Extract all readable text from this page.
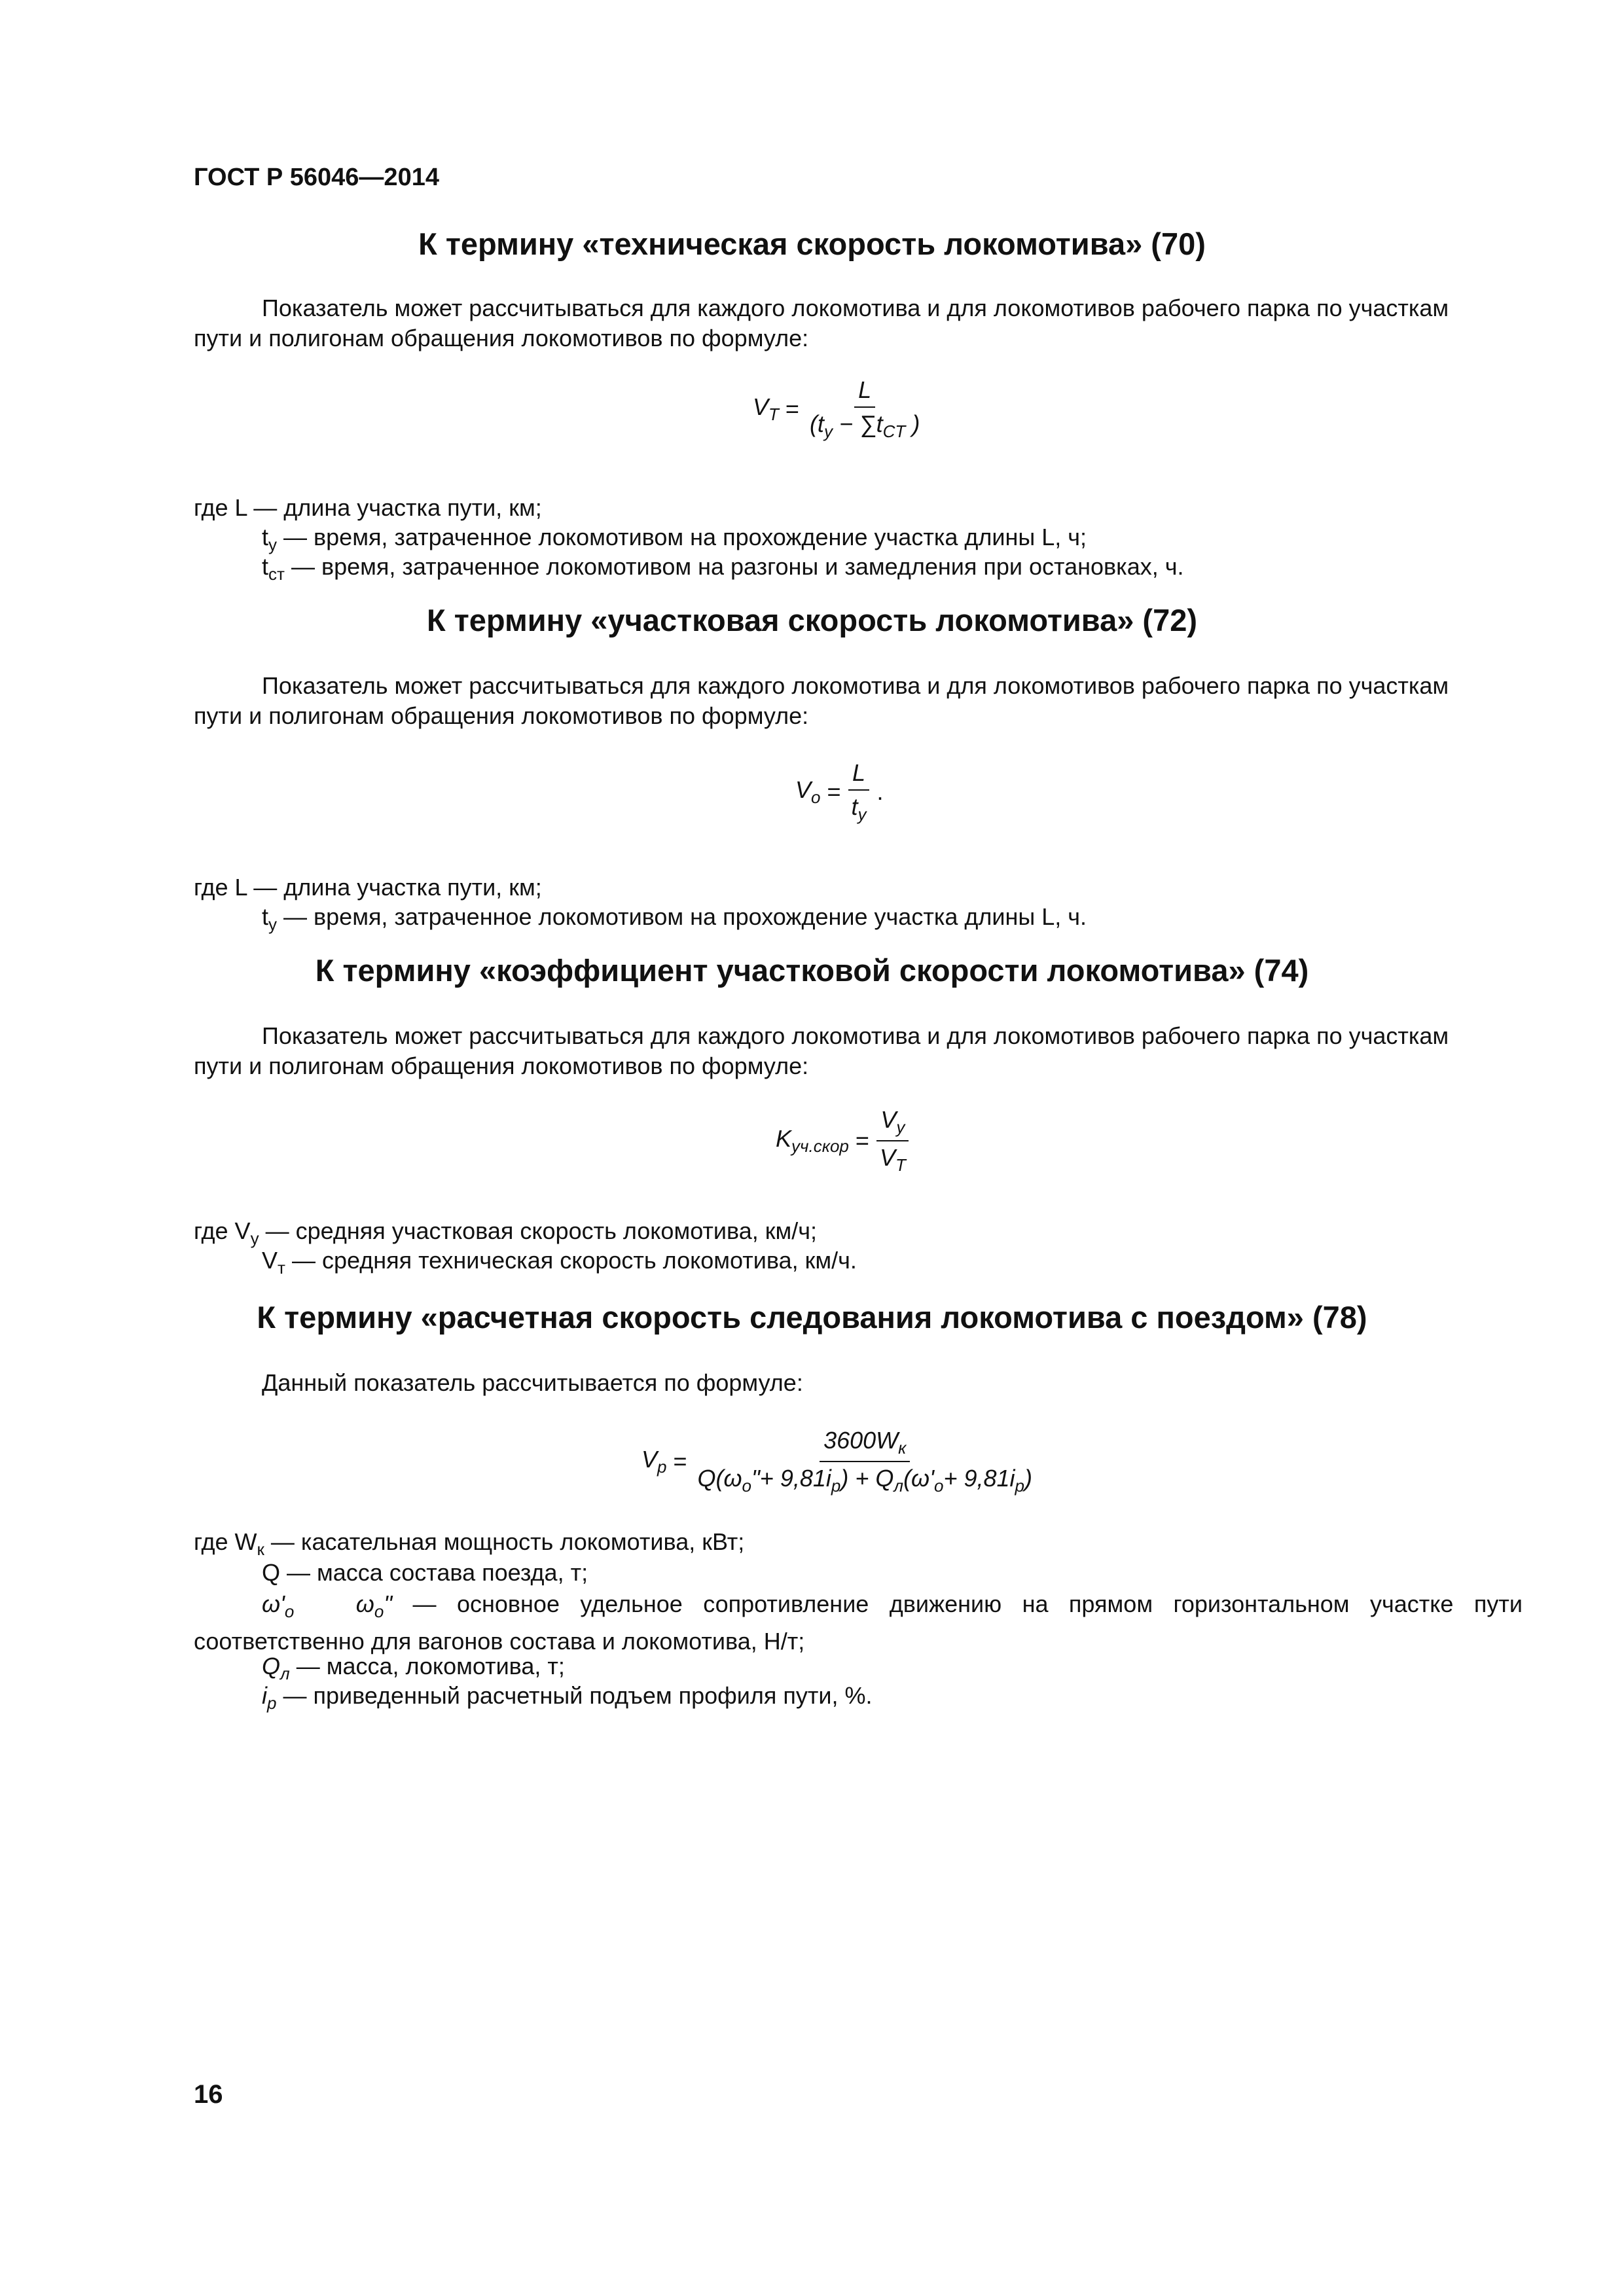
ГОСТ Р 56046—2014
К термину «техническая скорость локомотива» (70)
Показатель может рассчитываться для каждого локомотива и для локомотивов рабочего парка по участкам
пути и полигонам обращения локомотивов по формуле:
$V_T = \frac{L}{(t_y - \sum t_{CT} )}$
где L — длина участка пути, км;
$t_y$ — время, затраченное локомотивом на прохождение участка длины L, ч;
$t_{ст}$ — время, затраченное локомотивом на разгоны и замедления при остановках, ч.
К термину «участковая скорость локомотива» (72)
Показатель может рассчитываться для каждого локомотива и для локомотивов рабочего парка по участкам
пути и полигонам обращения локомотивов по формуле:
$V_o = \frac{L}{t_y}$ .
где L — длина участка пути, км;
$t_y$ — время, затраченное локомотивом на прохождение участка длины L, ч.
К термину «коэффициент участковой скорости локомотива» (74)
Показатель может рассчитываться для каждого локомотива и для локомотивов рабочего парка по участкам
пути и полигонам обращения локомотивов по формуле:
$K_{уч.скор} = \frac{V_y}{V_T}$
где $V_y$ — средняя участковая скорость локомотива, км/ч;
$V_т$ — средняя техническая скорость локомотива, км/ч.
К термину «расчетная скорость следования локомотива с поездом» (78)
Данный показатель рассчитывается по формуле:
$V_p = \frac{3600W_к}{Q(\omega_o"+ 9,81i_p) + Q_л(\omega'_o+ 9,81i_p)}$
где $W_к$ — касательная мощность локомотива, кВт;
Q — масса состава поезда, т;
$\omega'_o$	$\omega_o$" — основное удельное сопротивление движению на прямом горизонтальном участке пути
соответственно для вагонов состава и локомотива, Н/т;
$Q_л$ — масса, локомотива, т;
$i_p$ — приведенный расчетный подъем профиля пути, %.
16
